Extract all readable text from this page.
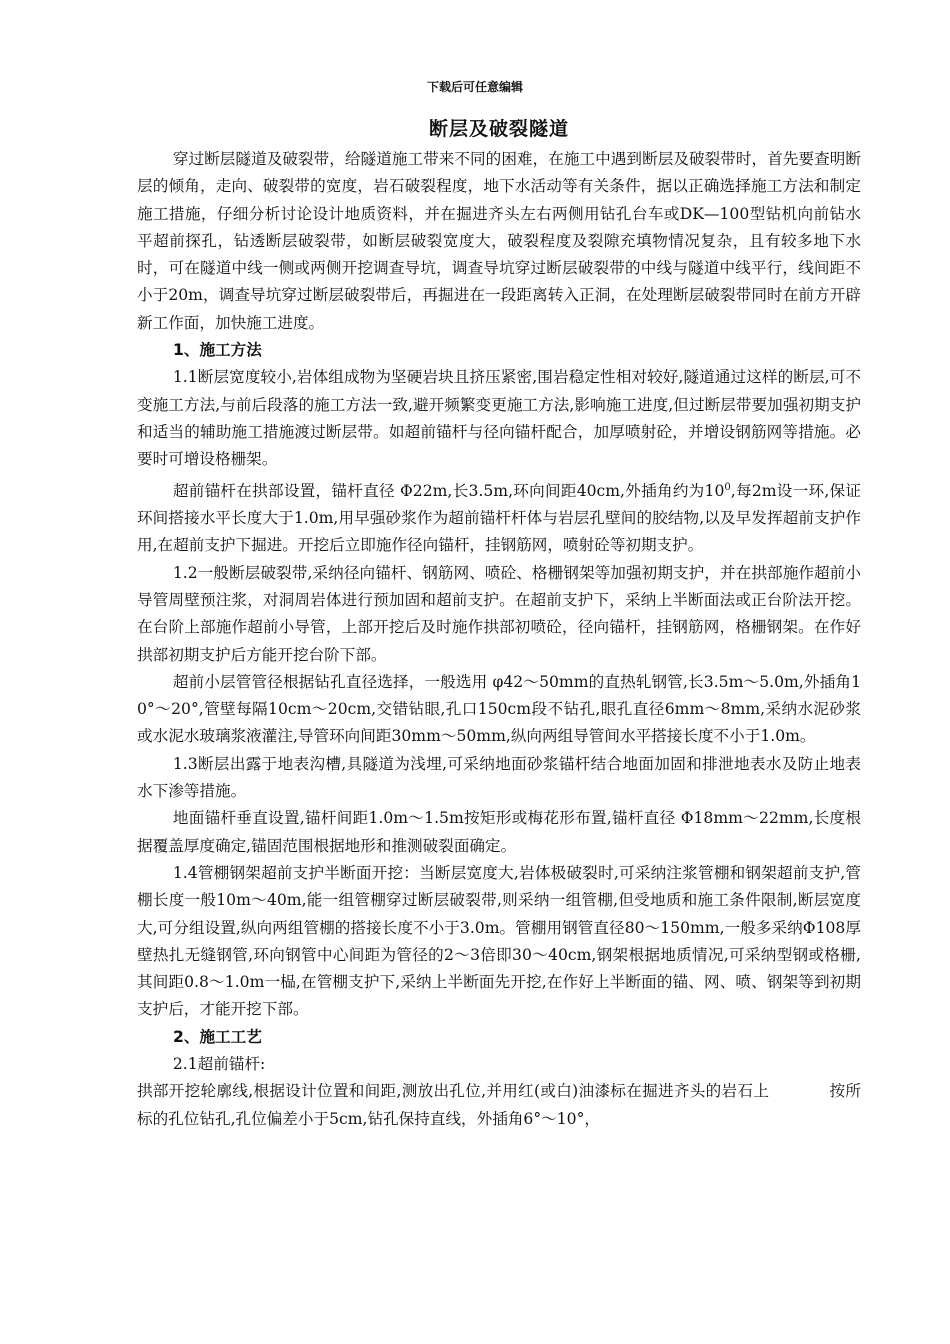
下载后可任意编辑
断层及破裂隧道

穿过断层隧道及破裂带，给隧道施工带来不同的困难，在施工中遇到断层及破裂带时，首先要查明断层的倾角，走向、破裂带的宽度，岩石破裂程度，地下水活动等有关条件，据以正确选择施工方法和制定施工措施，仔细分析讨论设计地质资料，并在掘进齐头左右两侧用钻孔台车或DK—100型钻机向前钻水平超前探孔，钻透断层破裂带，如断层破裂宽度大，破裂程度及裂隙充填物情况复杂，且有较多地下水时，可在隧道中线一侧或两侧开挖调查导坑，调查导坑穿过断层破裂带的中线与隧道中线平行，线间距不小于20m，调查导坑穿过断层破裂带后，再掘进在一段距离转入正洞，在处理断层破裂带同时在前方开辟新工作面，加快施工进度。

1、施工方法

1.1断层宽度较小,岩体组成物为坚硬岩块且挤压紧密,围岩稳定性相对较好,隧道通过这样的断层,可不变施工方法,与前后段落的施工方法一致,避开频繁变更施工方法,影响施工进度,但过断层带要加强初期支护和适当的辅助施工措施渡过断层带。如超前锚杆与径向锚杆配合，加厚喷射砼，并增设钢筋网等措施。必要时可增设格栅架。

超前锚杆在拱部设置，锚杆直径 Φ22m,长3.5m,环向间距40cm,外插角约为$10^0$,每2m设一环,保证环间搭接水平长度大于1.0m,用早强砂浆作为超前锚杆杆体与岩层孔壁间的胶结物,以及早发挥超前支护作用,在超前支护下掘进。开挖后立即施作径向锚杆，挂钢筋网，喷射砼等初期支护。

1.2一般断层破裂带,采纳径向锚杆、钢筋网、喷砼、格栅钢架等加强初期支护，并在拱部施作超前小导管周壁预注浆，对洞周岩体进行预加固和超前支护。在超前支护下，采纳上半断面法或正台阶法开挖。在台阶上部施作超前小导管，上部开挖后及时施作拱部初喷砼，径向锚杆，挂钢筋网，格栅钢架。在作好拱部初期支护后方能开挖台阶下部。

超前小层管管径根据钻孔直径选择，一般选用 φ42～50mm的直热轧钢管,长3.5m～5.0m,外插角10°～20°,管壁每隔10cm～20cm,交错钻眼,孔口150cm段不钻孔,眼孔直径6mm～8mm,采纳水泥砂浆或水泥水玻璃浆液灌注,导管环向间距30mm～50mm,纵向两组导管间水平搭接长度不小于1.0m。

1.3断层出露于地表沟槽,具隧道为浅埋,可采纳地面砂浆锚杆结合地面加固和排泄地表水及防止地表水下渗等措施。

地面锚杆垂直设置,锚杆间距1.0m～1.5m按矩形或梅花形布置,锚杆直径 Φ18mm～22mm,长度根据覆盖厚度确定,锚固范围根据地形和推测破裂面确定。

1.4管棚钢架超前支护半断面开挖：当断层宽度大,岩体极破裂时,可采纳注浆管棚和钢架超前支护,管棚长度一般10m～40m,能一组管棚穿过断层破裂带,则采纳一组管棚,但受地质和施工条件限制,断层宽度大,可分组设置,纵向两组管棚的搭接长度不小于3.0m。管棚用钢管直径80～150mm,一般多采纳Φ108厚壁热扎无缝钢管,环向钢管中心间距为管径的2～3倍即30～40cm,钢架根据地质情况,可采纳型钢或格栅,其间距0.8～1.0m一榀,在管棚支护下,采纳上半断面先开挖,在作好上半断面的锚、网、喷、钢架等到初期支护后，才能开挖下部。

2、施工工艺

2.1超前锚杆:

拱部开挖轮廓线,根据设计位置和间距,测放出孔位,并用红(或白)油漆标在掘进齐头的岩石上	按所标的孔位钻孔,孔位偏差小于5cm,钻孔保持直线，外插角6°～10°，
